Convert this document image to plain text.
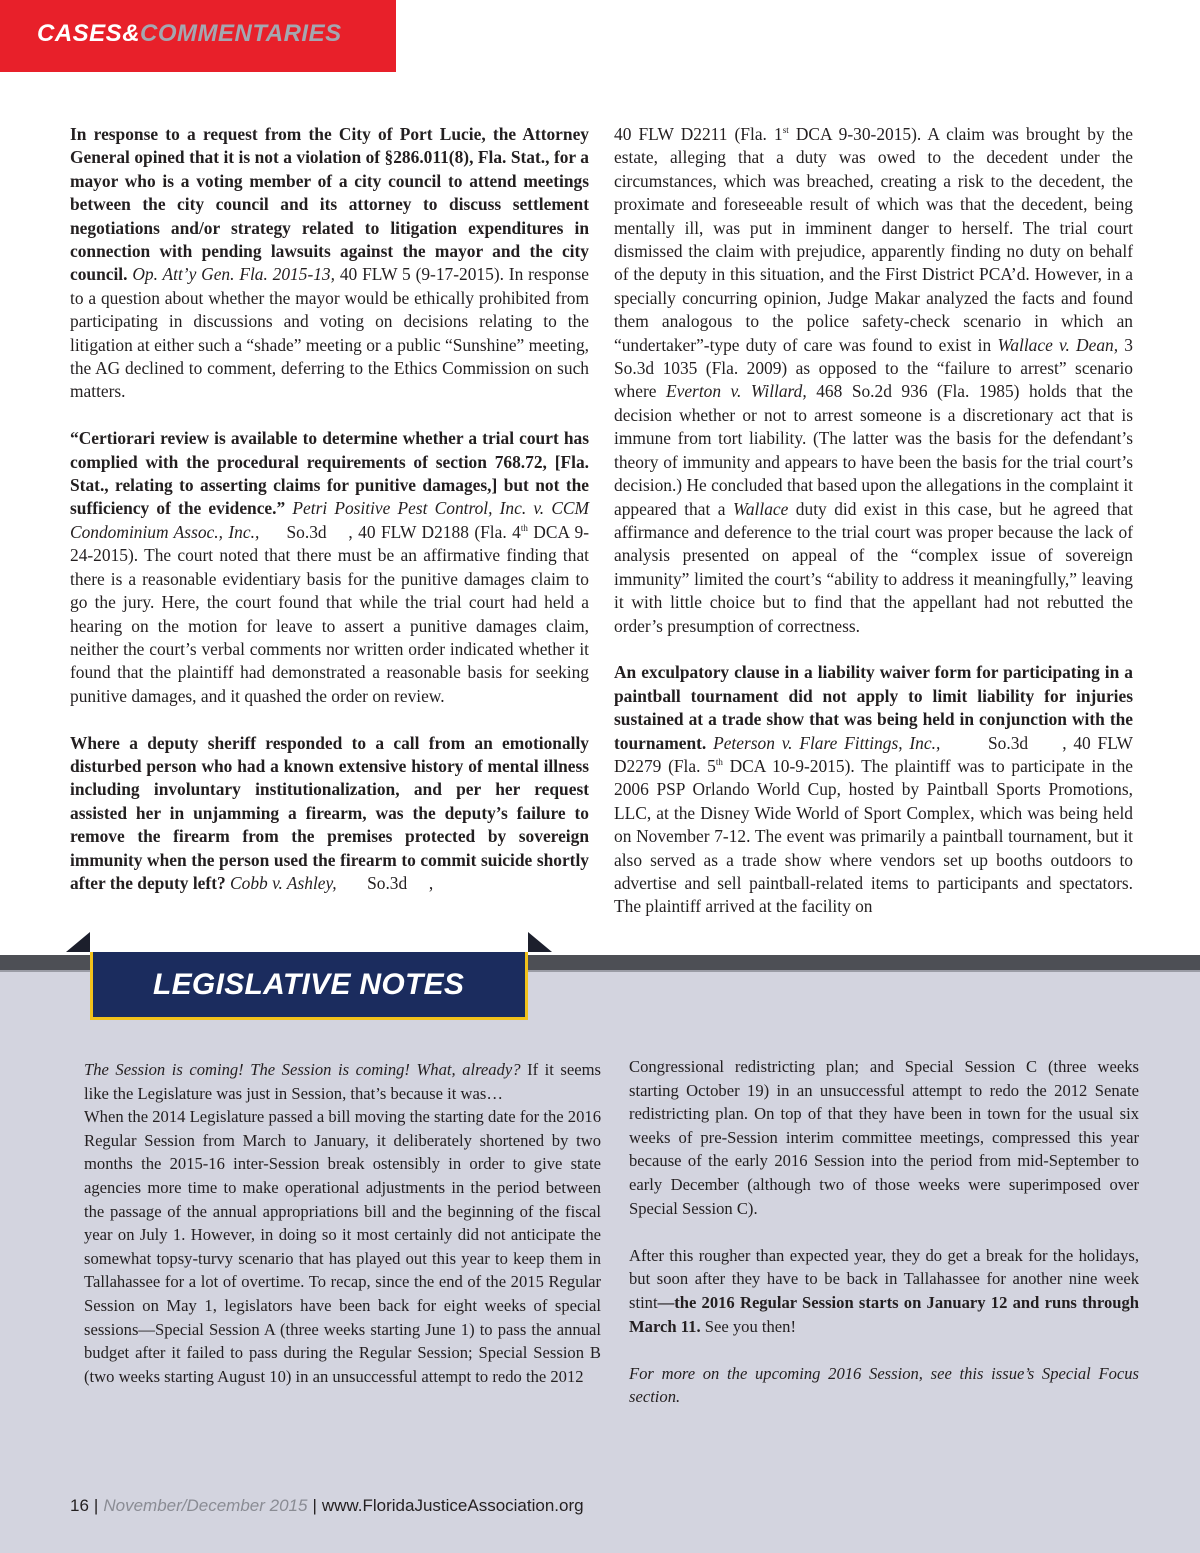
CASES&COMMENTARIES

In response to a request from the City of Port Lucie, the Attorney General opined that it is not a violation of §286.011(8), Fla. Stat., for a mayor who is a voting member of a city council to attend meetings between the city council and its attorney to discuss settlement negotiations and/or strategy related to litigation expenditures in connection with pending lawsuits against the mayor and the city council. Op. Att’y Gen. Fla. 2015-13, 40 FLW 5 (9-17-2015). In response to a question about whether the mayor would be ethically prohibited from participating in discussions and voting on decisions relating to the litigation at either such a “shade” meeting or a public “Sunshine” meeting, the AG declined to comment, deferring to the Ethics Commission on such matters.

“Certiorari review is available to determine whether a trial court has complied with the procedural requirements of section 768.72, [Fla. Stat., relating to asserting claims for punitive damages,] but not the sufficiency of the evidence.” Petri Positive Pest Control, Inc. v. CCM Condominium Assoc., Inc.,     So.3d    , 40 FLW D2188 (Fla. 4th DCA 9-24-2015). The court noted that there must be an affirmative finding that there is a reasonable evidentiary basis for the punitive damages claim to go the jury. Here, the court found that while the trial court had held a hearing on the motion for leave to assert a punitive damages claim, neither the court’s verbal comments nor written order indicated whether it found that the plaintiff had demonstrated a reasonable basis for seeking punitive damages, and it quashed the order on review.

Where a deputy sheriff responded to a call from an emotionally disturbed person who had a known extensive history of mental illness including involuntary institutionalization, and per her request assisted her in unjamming a firearm, was the deputy’s failure to remove the firearm from the premises protected by sovereign immunity when the person used the firearm to commit suicide shortly after the deputy left? Cobb v. Ashley,       So.3d     ,

40 FLW D2211 (Fla. 1st DCA 9-30-2015). A claim was brought by the estate, alleging that a duty was owed to the decedent under the circumstances, which was breached, creating a risk to the decedent, the proximate and foreseeable result of which was that the decedent, being mentally ill, was put in imminent danger to herself. The trial court dismissed the claim with prejudice, apparently finding no duty on behalf of the deputy in this situation, and the First District PCA’d. However, in a specially concurring opinion, Judge Makar analyzed the facts and found them analogous to the police safety-check scenario in which an “undertaker”-type duty of care was found to exist in Wallace v. Dean, 3 So.3d 1035 (Fla. 2009) as opposed to the “failure to arrest” scenario where Everton v. Willard, 468 So.2d 936 (Fla. 1985) holds that the decision whether or not to arrest someone is a discretionary act that is immune from tort liability. (The latter was the basis for the defendant’s theory of immunity and appears to have been the basis for the trial court’s decision.) He concluded that based upon the allegations in the complaint it appeared that a Wallace duty did exist in this case, but he agreed that affirmance and deference to the trial court was proper because the lack of analysis presented on appeal of the “complex issue of sovereign immunity” limited the court’s “ability to address it meaningfully,” leaving it with little choice but to find that the appellant had not rebutted the order’s presumption of correctness.

An exculpatory clause in a liability waiver form for participating in a paintball tournament did not apply to limit liability for injuries sustained at a trade show that was being held in conjunction with the tournament. Peterson v. Flare Fittings, Inc.,       So.3d     , 40 FLW D2279 (Fla. 5th DCA 10-9-2015). The plaintiff was to participate in the 2006 PSP Orlando World Cup, hosted by Paintball Sports Promotions, LLC, at the Disney Wide World of Sport Complex, which was being held on November 7-12. The event was primarily a paintball tournament, but it also served as a trade show where vendors set up booths outdoors to advertise and sell paintball-related items to participants and spectators. The plaintiff arrived at the facility on

LEGISLATIVE NOTES

The Session is coming! The Session is coming! What, already? If it seems like the Legislature was just in Session, that’s because it was…

When the 2014 Legislature passed a bill moving the starting date for the 2016 Regular Session from March to January, it deliberately shortened by two months the 2015-16 inter-Session break ostensibly in order to give state agencies more time to make operational adjustments in the period between the passage of the annual appropriations bill and the beginning of the fiscal year on July 1. However, in doing so it most certainly did not anticipate the somewhat topsy-turvy scenario that has played out this year to keep them in Tallahassee for a lot of overtime. To recap, since the end of the 2015 Regular Session on May 1, legislators have been back for eight weeks of special sessions—Special Session A (three weeks starting June 1) to pass the annual budget after it failed to pass during the Regular Session; Special Session B (two weeks starting August 10) in an unsuccessful attempt to redo the 2012

Congressional redistricting plan; and Special Session C (three weeks starting October 19) in an unsuccessful attempt to redo the 2012 Senate redistricting plan. On top of that they have been in town for the usual six weeks of pre-Session interim committee meetings, compressed this year because of the early 2016 Session into the period from mid-September to early December (although two of those weeks were superimposed over Special Session C).

After this rougher than expected year, they do get a break for the holidays, but soon after they have to be back in Tallahassee for another nine week stint—the 2016 Regular Session starts on January 12 and runs through March 11. See you then!

For more on the upcoming 2016 Session, see this issue’s Special Focus section.

16 | November/December 2015 | www.FloridaJusticeAssociation.org
